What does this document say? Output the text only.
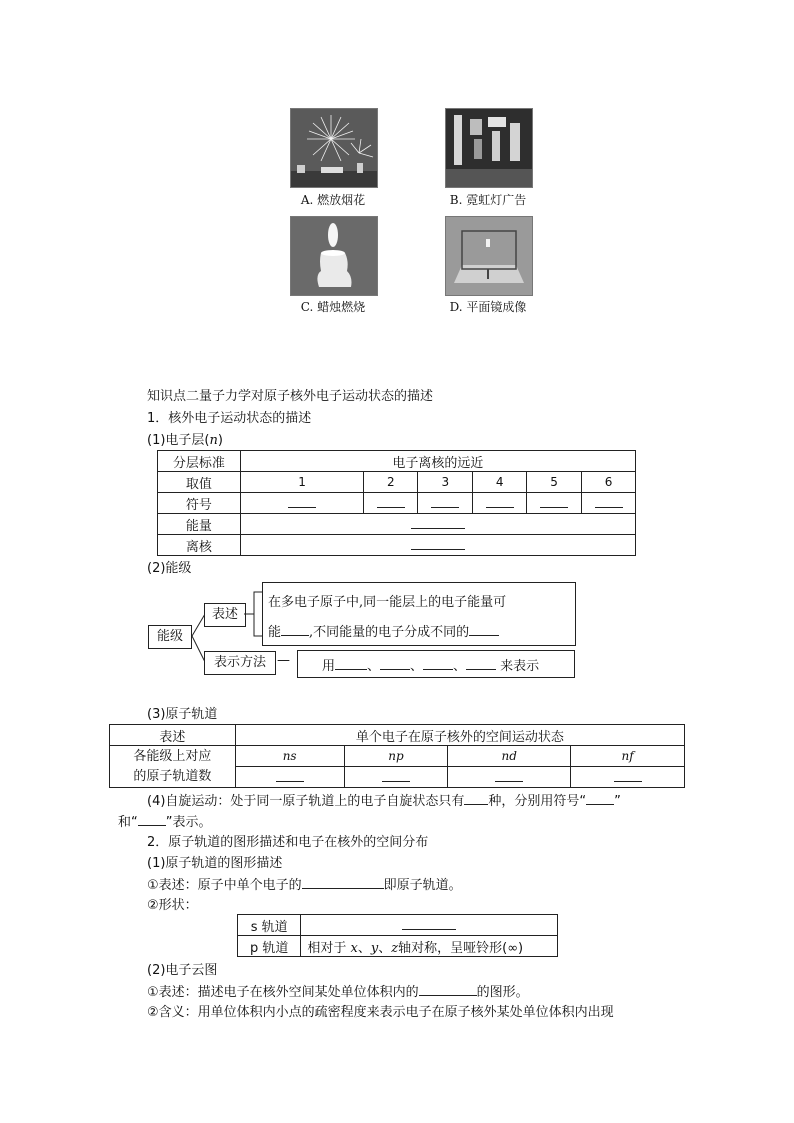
A. 燃放烟花	B. 霓虹灯广告
C. 蜡烛燃烧	D. 平面镜成像
知识点二量子力学对原子核外电子运动状态的描述
1．核外电子运动状态的描述
(1)电子层(n)
分层标准	电子离核的远近					
取值	1	2	3	4	5	6
符号						
能量						
离核						
(2)能级
能级
表述
在多电子原子中,同一能层上的电子能量可
能 ,不同能量的电子分成不同的
表示方法 — 用 、 、 、	来表示
(3)原子轨道
表述	单个电子在原子核外的空间运动状态			

各能级上对应
的原子轨道数	ns	np	nd	nf

(4)自旋运动：处于同一原子轨道上的电子自旋状态只有 种，分别用符号“ ”
和“ ”表示。
2．原子轨道的图形描述和电子在核外的空间分布
(1)原子轨道的图形描述
①表述：原子中单个电子的	即原子轨道。
②形状：
s 轨道	
p 轨道	相对于 x、y、z轴对称，呈哑铃形(∞)
(2)电子云图
①表述：描述电子在核外空间某处单位体积内的	的图形。
②含义：用单位体积内小点的疏密程度来表示电子在原子核外某处单位体积内出现
